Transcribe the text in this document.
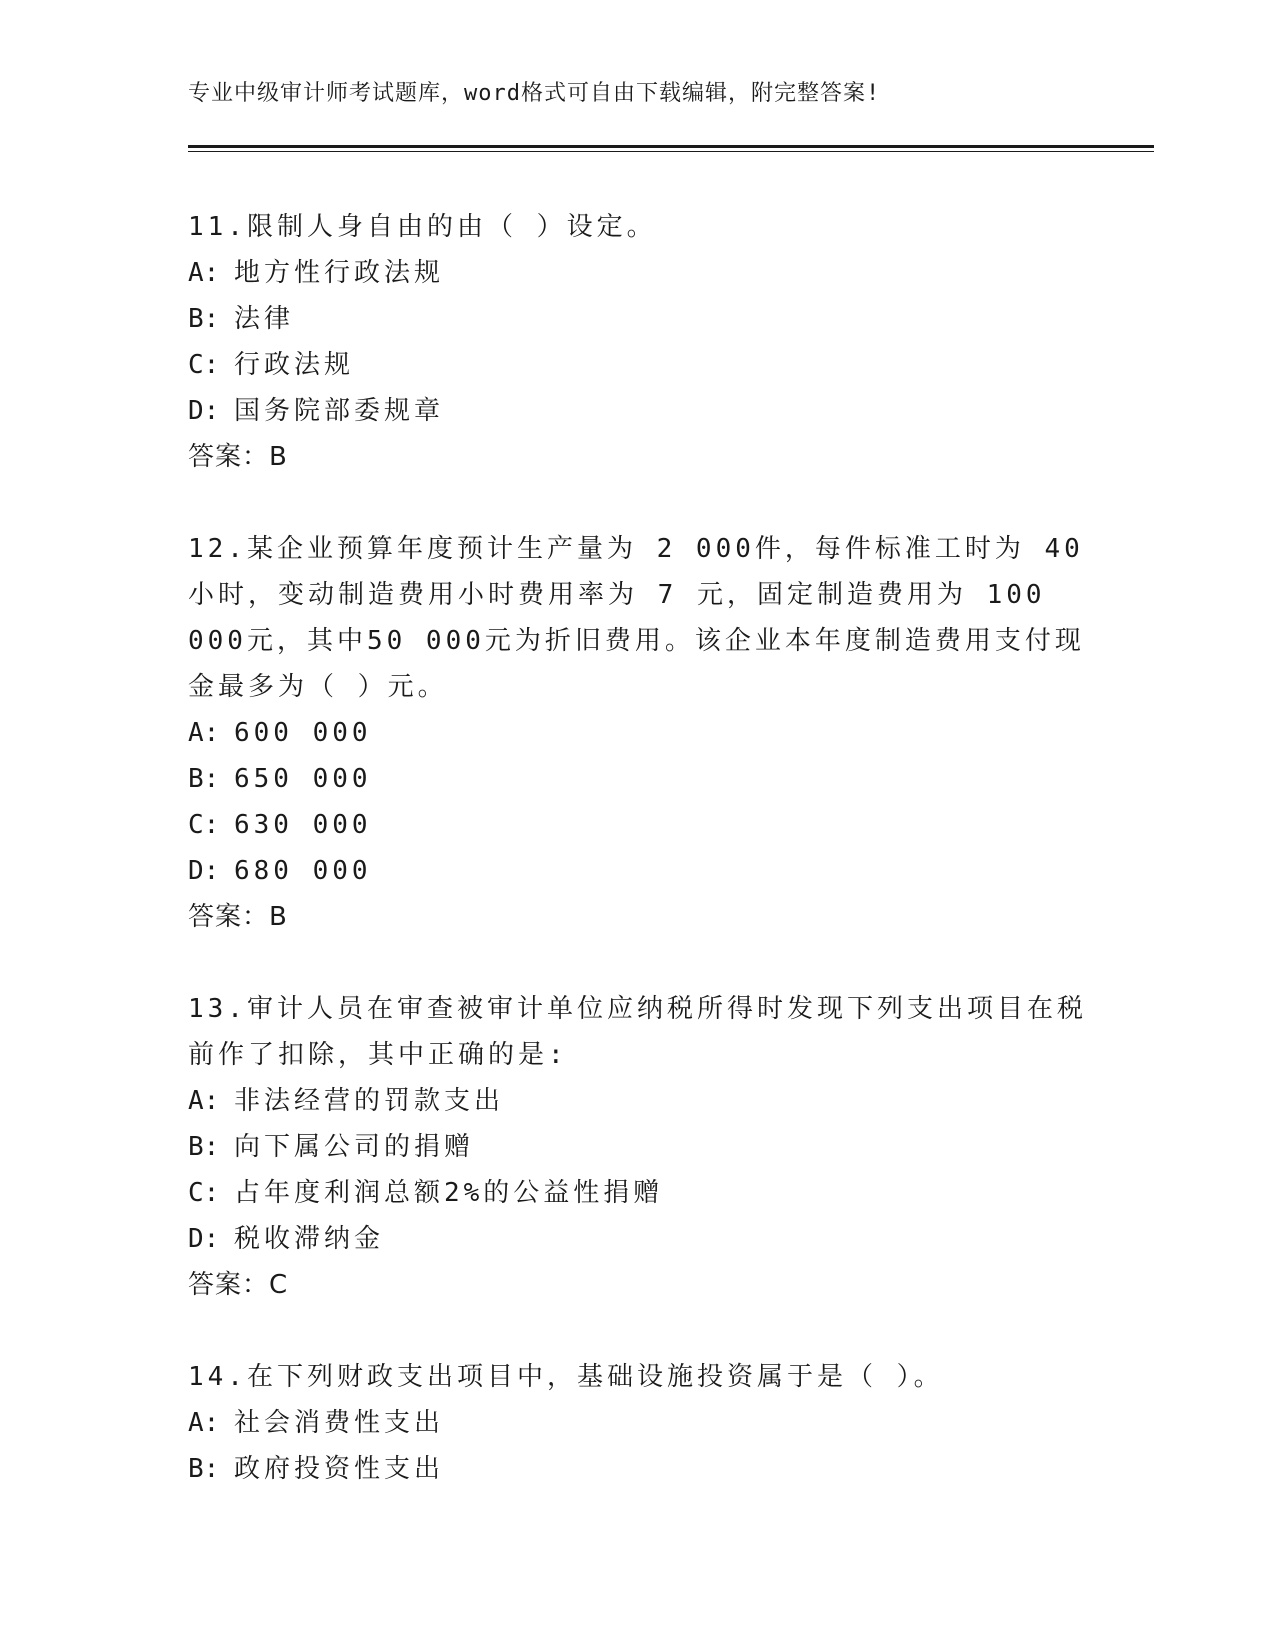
专业中级审计师考试题库，word格式可自由下载编辑，附完整答案!

11.限制人身自由的由（ ）设定。

A: 地方性行政法规

B: 法律

C: 行政法规

D: 国务院部委规章

答案：B

12.某企业预算年度预计生产量为 2 000件，每件标准工时为 40 小时，变动制造费用小时费用率为 7 元，固定制造费用为 100 000元，其中50 000元为折旧费用。该企业本年度制造费用支付现金最多为（ ）元。

A: 600 000

B: 650 000

C: 630 000

D: 680 000

答案：B

13.审计人员在审查被审计单位应纳税所得时发现下列支出项目在税前作了扣除，其中正确的是:

A: 非法经营的罚款支出

B: 向下属公司的捐赠

C: 占年度利润总额2%的公益性捐赠

D: 税收滞纳金

答案：C

14.在下列财政支出项目中，基础设施投资属于是（ ）。

A: 社会消费性支出

B: 政府投资性支出
